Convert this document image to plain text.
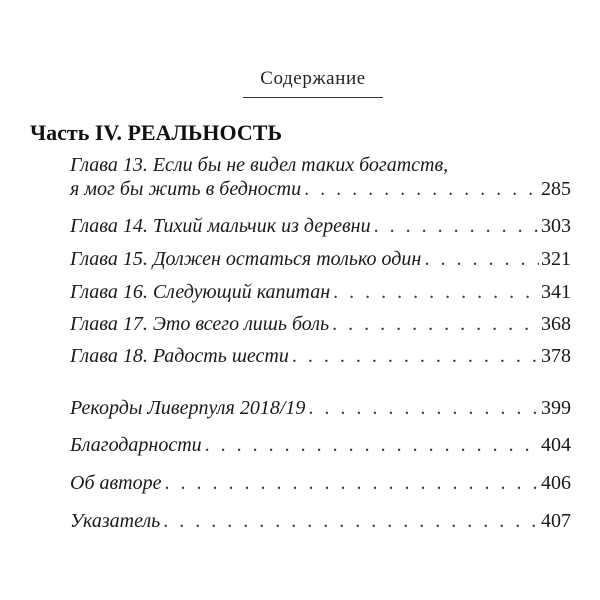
Содержание
Часть IV. РЕАЛЬНОСТЬ
Глава 13. Если бы не видел таких богатств,
я мог бы жить в бедности . . .	285
Глава 14. Тихий мальчик из деревни . . .	303
Глава 15. Должен остаться только один . . .	321
Глава 16. Следующий капитан . . .	341
Глава 17. Это всего лишь боль . . .	368
Глава 18. Радость шести . . .	378
Рекорды Ливерпуля 2018/19 . . .	399
Благодарности . . .	404
Об авторе . . .	406
Указатель . . .	407
